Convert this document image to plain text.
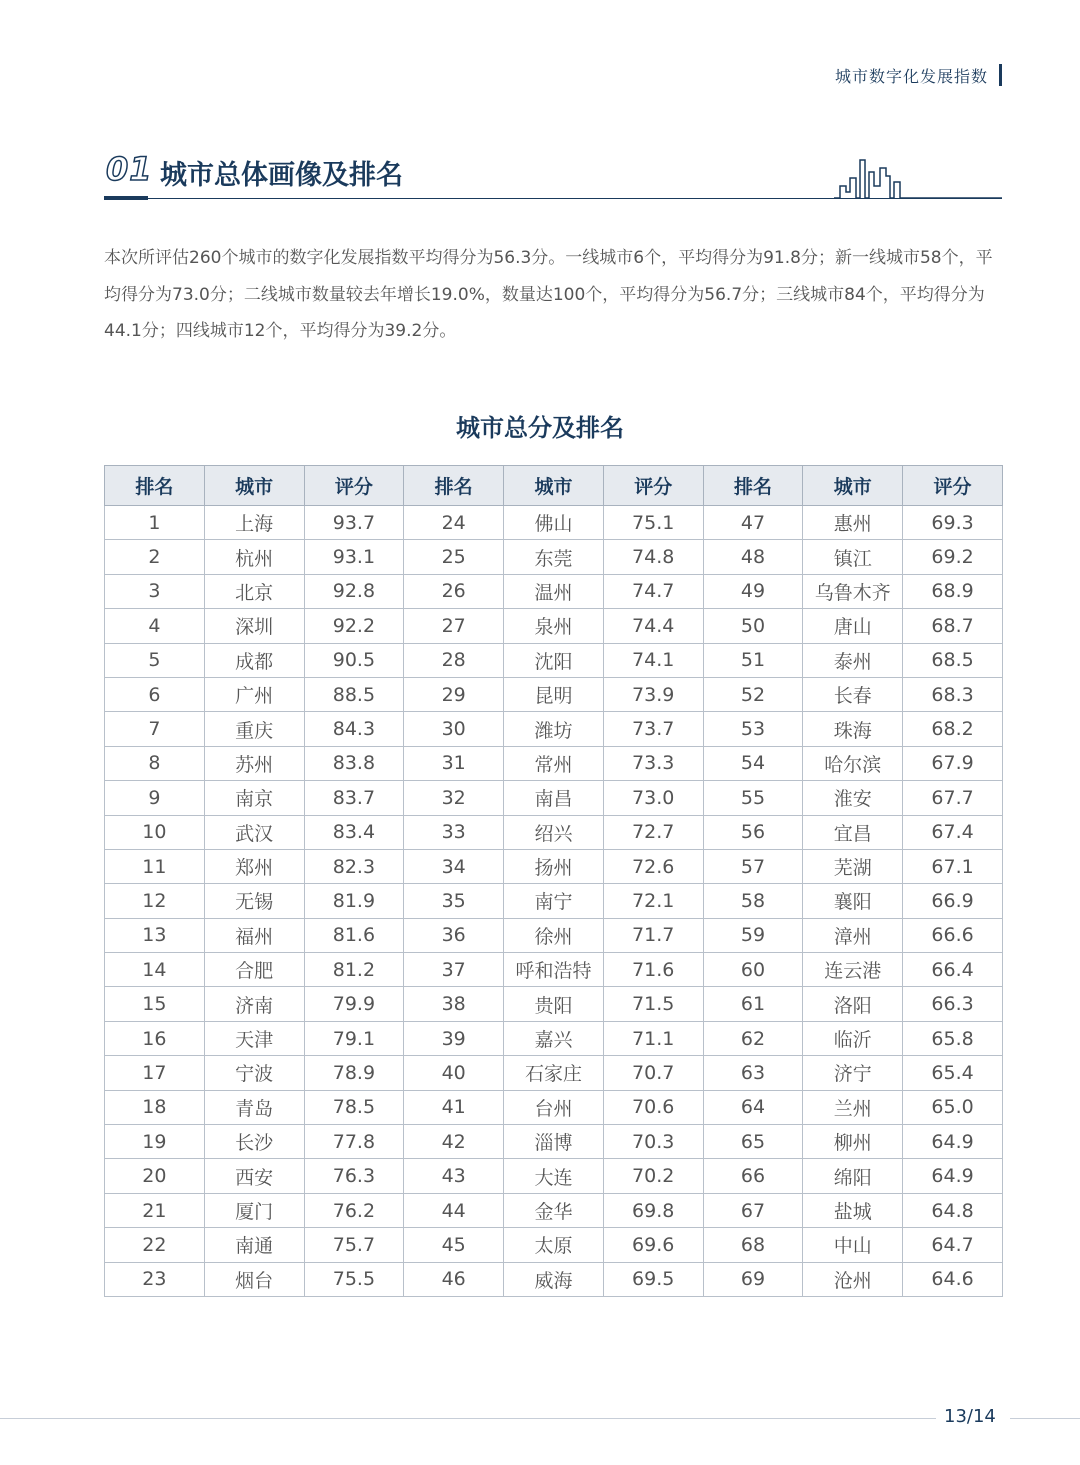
城市数字化发展指数
01 城市总体画像及排名
本次所评估260个城市的数字化发展指数平均得分为56.3分。一线城市6个，平均得分为91.8分；新一线城市58个，平均得分为73.0分；二线城市数量较去年增长19.0%，数量达100个，平均得分为56.7分；三线城市84个，平均得分为44.1分；四线城市12个，平均得分为39.2分。
城市总分及排名
排名	城市	评分	排名	城市	评分	排名	城市	评分
1	上海	93.7	24	佛山	75.1	47	惠州	69.3
2	杭州	93.1	25	东莞	74.8	48	镇江	69.2
3	北京	92.8	26	温州	74.7	49	乌鲁木齐	68.9
4	深圳	92.2	27	泉州	74.4	50	唐山	68.7
5	成都	90.5	28	沈阳	74.1	51	泰州	68.5
6	广州	88.5	29	昆明	73.9	52	长春	68.3
7	重庆	84.3	30	潍坊	73.7	53	珠海	68.2
8	苏州	83.8	31	常州	73.3	54	哈尔滨	67.9
9	南京	83.7	32	南昌	73.0	55	淮安	67.7
10	武汉	83.4	33	绍兴	72.7	56	宜昌	67.4
11	郑州	82.3	34	扬州	72.6	57	芜湖	67.1
12	无锡	81.9	35	南宁	72.1	58	襄阳	66.9
13	福州	81.6	36	徐州	71.7	59	漳州	66.6
14	合肥	81.2	37	呼和浩特	71.6	60	连云港	66.4
15	济南	79.9	38	贵阳	71.5	61	洛阳	66.3
16	天津	79.1	39	嘉兴	71.1	62	临沂	65.8
17	宁波	78.9	40	石家庄	70.7	63	济宁	65.4
18	青岛	78.5	41	台州	70.6	64	兰州	65.0
19	长沙	77.8	42	淄博	70.3	65	柳州	64.9
20	西安	76.3	43	大连	70.2	66	绵阳	64.9
21	厦门	76.2	44	金华	69.8	67	盐城	64.8
22	南通	75.7	45	太原	69.6	68	中山	64.7
23	烟台	75.5	46	威海	69.5	69	沧州	64.6
13/14
